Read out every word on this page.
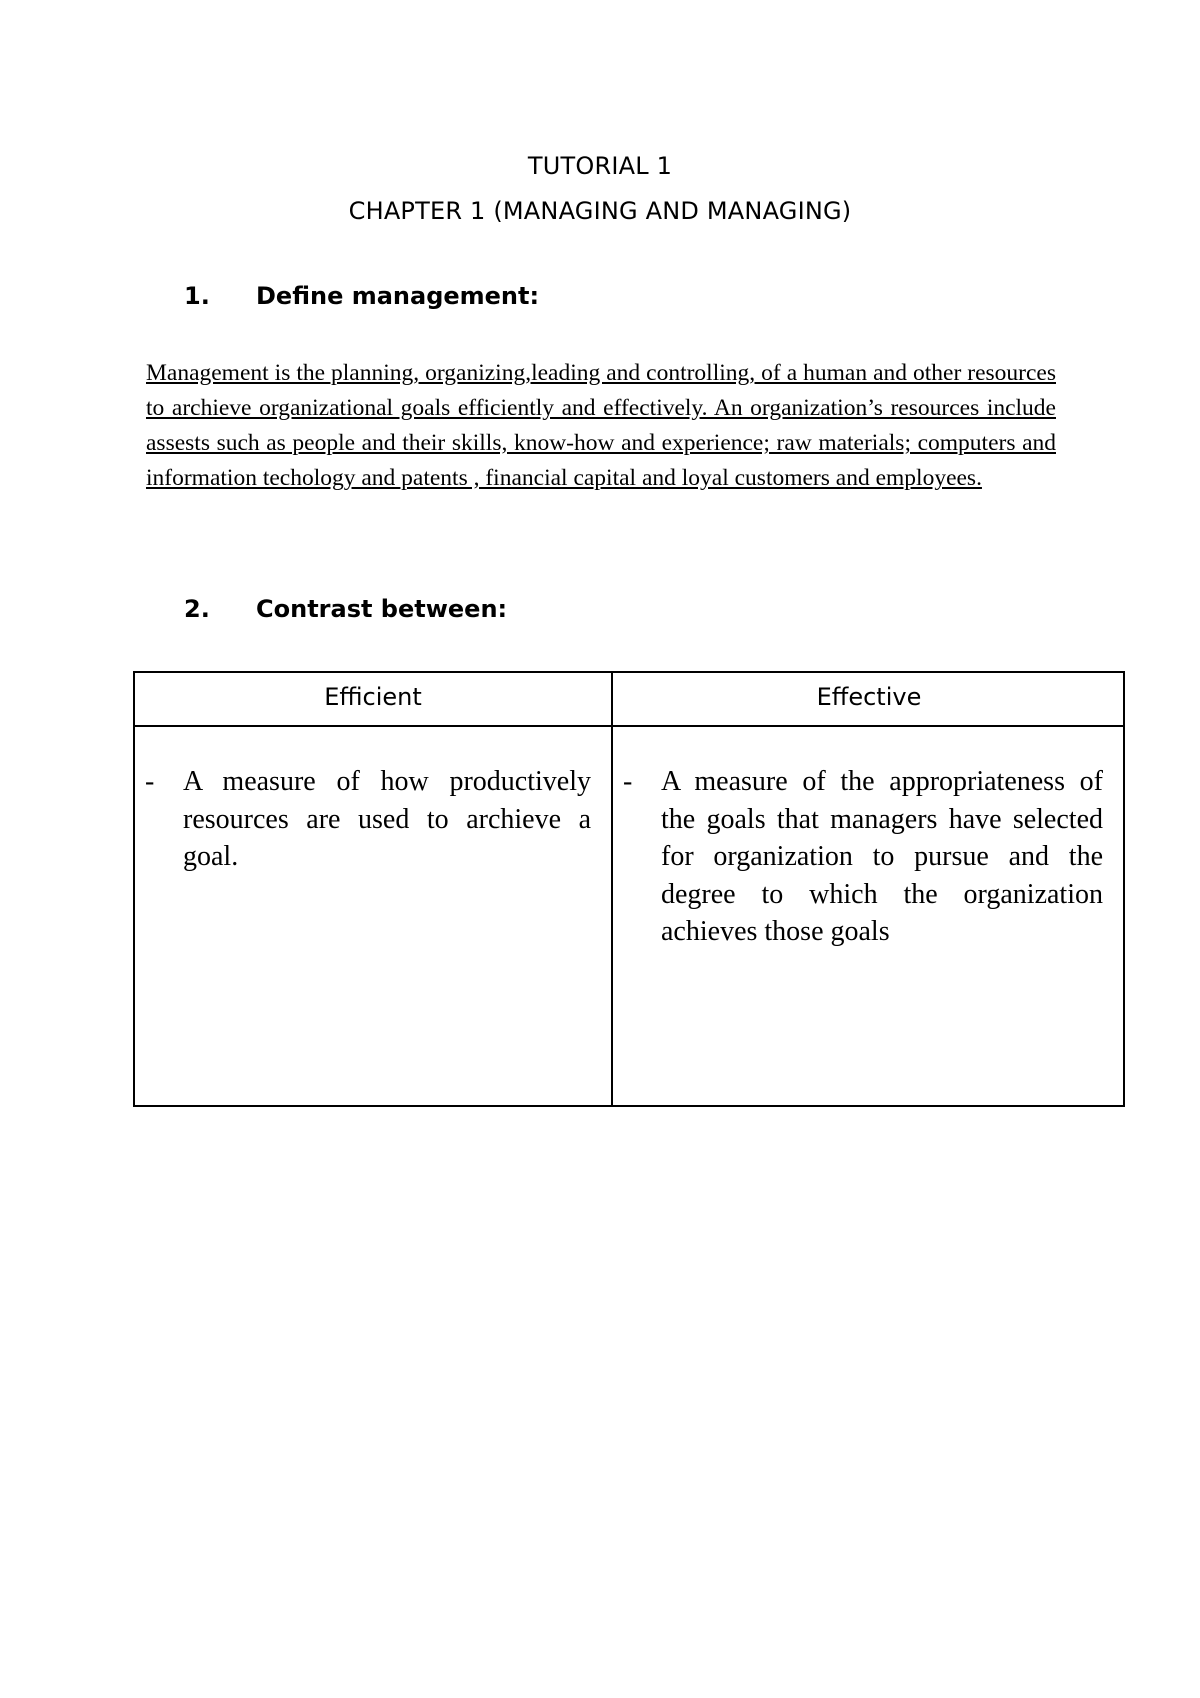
TUTORIAL 1
CHAPTER 1 (MANAGING AND MANAGING)
1. Define management:
Management is the planning, organizing,leading and controlling, of a human and other resources to archieve organizational goals efficiently and effectively. An organization’s resources include assests such as people and their skills, know-how and experience; raw materials; computers and information techology and patents , financial capital and loyal customers and employees.
2. Contrast between:
Efficient	Effective
- A measure of how productively resources are used to archieve a goal.
- A measure of the appropriateness of the goals that managers have selected for organization to pursue and the degree to which the organization achieves those goals
